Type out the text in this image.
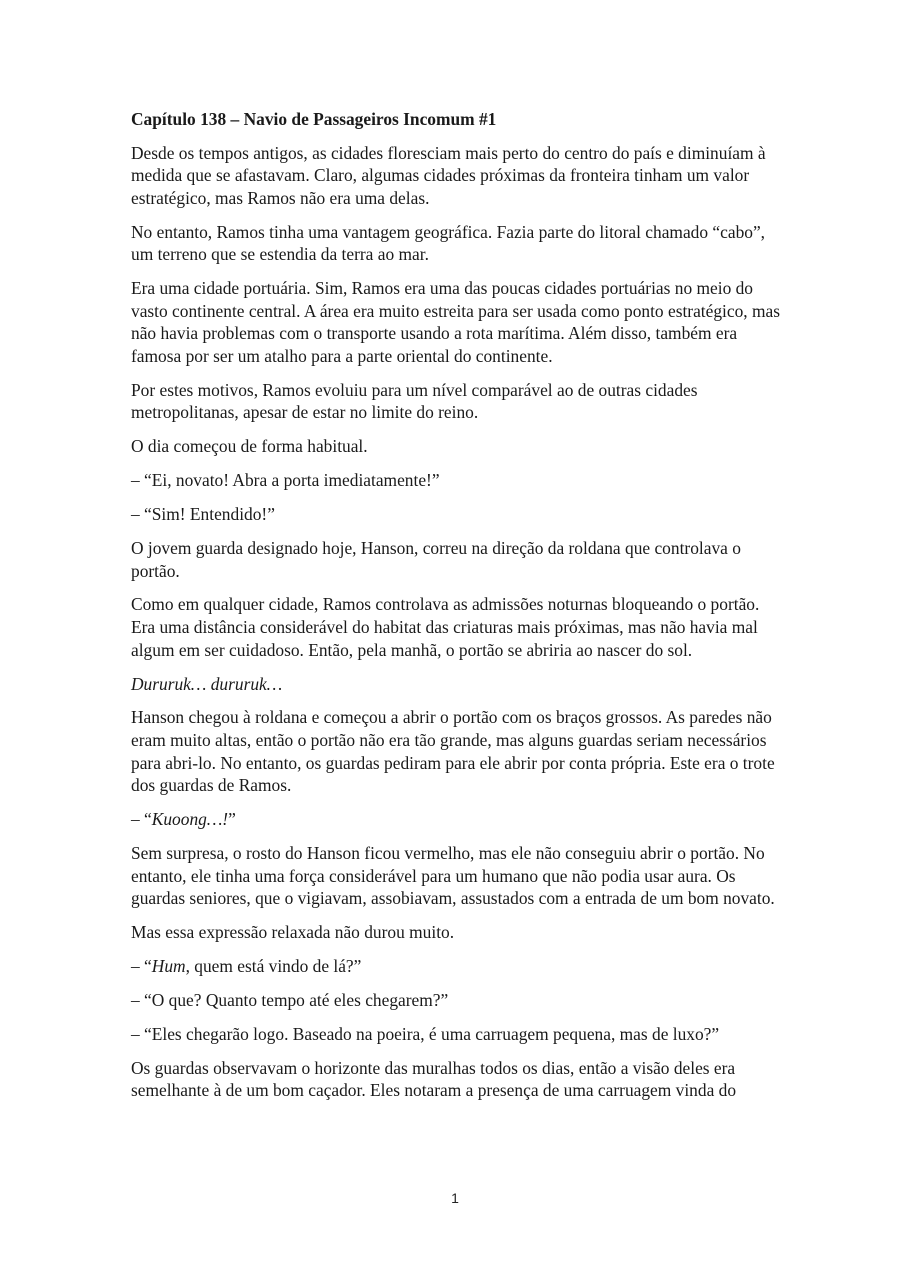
Capítulo 138 – Navio de Passageiros Incomum #1

Desde os tempos antigos, as cidades floresciam mais perto do centro do país e diminuíam à medida que se afastavam. Claro, algumas cidades próximas da fronteira tinham um valor estratégico, mas Ramos não era uma delas.

No entanto, Ramos tinha uma vantagem geográfica. Fazia parte do litoral chamado “cabo”, um terreno que se estendia da terra ao mar.

Era uma cidade portuária. Sim, Ramos era uma das poucas cidades portuárias no meio do vasto continente central. A área era muito estreita para ser usada como ponto estratégico, mas não havia problemas com o transporte usando a rota marítima. Além disso, também era famosa por ser um atalho para a parte oriental do continente.

Por estes motivos, Ramos evoluiu para um nível comparável ao de outras cidades metropolitanas, apesar de estar no limite do reino.

O dia começou de forma habitual.

– “Ei, novato! Abra a porta imediatamente!”

– “Sim! Entendido!”

O jovem guarda designado hoje, Hanson, correu na direção da roldana que controlava o portão.

Como em qualquer cidade, Ramos controlava as admissões noturnas bloqueando o portão. Era uma distância considerável do habitat das criaturas mais próximas, mas não havia mal algum em ser cuidadoso. Então, pela manhã, o portão se abriria ao nascer do sol.

Dururuk… dururuk…

Hanson chegou à roldana e começou a abrir o portão com os braços grossos. As paredes não eram muito altas, então o portão não era tão grande, mas alguns guardas seriam necessários para abri-lo. No entanto, os guardas pediram para ele abrir por conta própria. Este era o trote dos guardas de Ramos.

– “Kuoong…!”

Sem surpresa, o rosto do Hanson ficou vermelho, mas ele não conseguiu abrir o portão. No entanto, ele tinha uma força considerável para um humano que não podia usar aura. Os guardas seniores, que o vigiavam, assobiavam, assustados com a entrada de um bom novato.

Mas essa expressão relaxada não durou muito.

– “Hum, quem está vindo de lá?”

– “O que? Quanto tempo até eles chegarem?”

– “Eles chegarão logo. Baseado na poeira, é uma carruagem pequena, mas de luxo?”

Os guardas observavam o horizonte das muralhas todos os dias, então a visão deles era semelhante à de um bom caçador. Eles notaram a presença de uma carruagem vinda do

1
